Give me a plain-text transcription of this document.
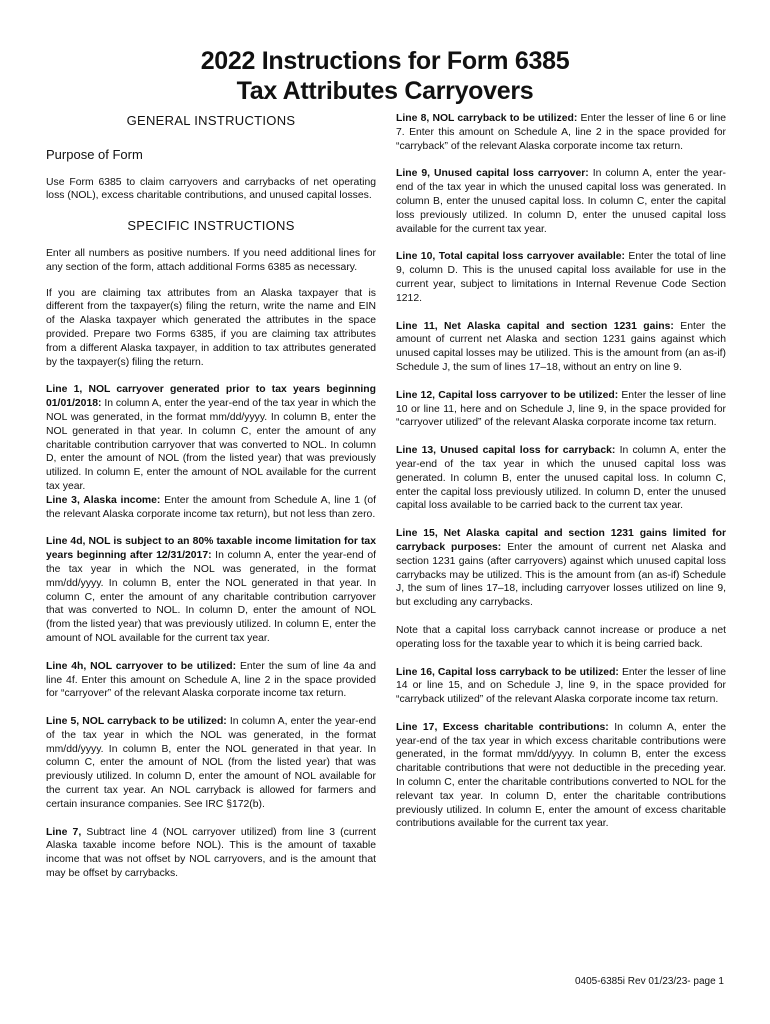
2022 Instructions for Form 6385
Tax Attributes Carryovers
GENERAL INSTRUCTIONS
Purpose of Form

Use Form 6385 to claim carryovers and carrybacks of net operating loss (NOL), excess charitable contributions, and unused capital losses.

SPECIFIC INSTRUCTIONS

Enter all numbers as positive numbers. If you need additional lines for any section of the form, attach additional Forms 6385 as necessary.

If you are claiming tax attributes from an Alaska taxpayer that is different from the taxpayer(s) filing the return, write the name and EIN of the Alaska taxpayer which generated the attributes in the space provided. Prepare two Forms 6385, if you are claiming tax attributes from a different Alaska taxpayer, in addition to tax attributes generated by the taxpayer(s) filing the return.

Line 1, NOL carryover generated prior to tax years beginning 01/01/2018: In column A, enter the year-end of the tax year in which the NOL was generated, in the format mm/dd/yyyy. In column B, enter the NOL generated in that year. In column C, enter the amount of any charitable contribution carryover that was converted to NOL. In column D, enter the amount of NOL (from the listed year) that was previously utilized. In column E, enter the amount of NOL available for the current tax year.

Line 3, Alaska income: Enter the amount from Schedule A, line 1 (of the relevant Alaska corporate income tax return), but not less than zero.

Line 4d, NOL is subject to an 80% taxable income limitation for tax years beginning after 12/31/2017: In column A, enter the year-end of the tax year in which the NOL was generated, in the format mm/dd/yyyy. In column B, enter the NOL generated in that year. In column C, enter the amount of any charitable contribution carryover that was converted to NOL. In column D, enter the amount of NOL (from the listed year) that was previously utilized. In column E, enter the amount of NOL available for the current tax year.

Line 4h, NOL carryover to be utilized: Enter the sum of line 4a and line 4f. Enter this amount on Schedule A, line 2 in the space provided for “carryover” of the relevant Alaska corporate income tax return.

Line 5, NOL carryback to be utilized: In column A, enter the year-end of the tax year in which the NOL was generated, in the format mm/dd/yyyy. In column B, enter the NOL generated in that year. In column C, enter the amount of NOL (from the listed year) that was previously utilized. In column D, enter the amount of NOL available for the current tax year. An NOL carryback is allowed for farmers and certain insurance companies. See IRC §172(b).

Line 7, Subtract line 4 (NOL carryover utilized) from line 3 (current Alaska taxable income before NOL). This is the amount of taxable income that was not offset by NOL carryovers, and is the amount that may be offset by carrybacks.

Line 8, NOL carryback to be utilized: Enter the lesser of line 6 or line 7. Enter this amount on Schedule A, line 2 in the space provided for “carryback” of the relevant Alaska corporate income tax return.

Line 9, Unused capital loss carryover: In column A, enter the year-end of the tax year in which the unused capital loss was generated. In column B, enter the unused capital loss. In column C, enter the capital loss previously utilized. In column D, enter the unused capital loss available for the current tax year.

Line 10, Total capital loss carryover available: Enter the total of line 9, column D. This is the unused capital loss available for use in the current year, subject to limitations in Internal Revenue Code Section 1212.

Line 11, Net Alaska capital and section 1231 gains: Enter the amount of current net Alaska and section 1231 gains against which unused capital losses may be utilized. This is the amount from (an as-if) Schedule J, the sum of lines 17–18, without an entry on line 9.

Line 12, Capital loss carryover to be utilized: Enter the lesser of line 10 or line 11, here and on Schedule J, line 9, in the space provided for “carryover utilized” of the relevant Alaska corporate income tax return.

Line 13, Unused capital loss for carryback: In column A, enter the year-end of the tax year in which the unused capital loss was generated. In column B, enter the unused capital loss. In column C, enter the capital loss previously utilized. In column D, enter the unused capital loss available to be carried back to the current tax year.

Line 15, Net Alaska capital and section 1231 gains limited for carryback purposes: Enter the amount of current net Alaska and section 1231 gains (after carryovers) against which unused capital loss carrybacks may be utilized. This is the amount from (an as-if) Schedule J, the sum of lines 17–18, including carryover losses utilized on line 9, but excluding any carrybacks.

Note that a capital loss carryback cannot increase or produce a net operating loss for the taxable year to which it is being carried back.

Line 16, Capital loss carryback to be utilized: Enter the lesser of line 14 or line 15, and on Schedule J, line 9, in the space provided for “carryback utilized” of the relevant Alaska corporate income tax return.

Line 17, Excess charitable contributions: In column A, enter the year-end of the tax year in which excess charitable contributions were generated, in the format mm/dd/yyyy. In column B, enter the excess charitable contributions that were not deductible in the preceding year. In column C, enter the charitable contributions converted to NOL for the relevant tax year. In column D, enter the charitable contributions previously utilized. In column E, enter the amount of excess charitable contributions available for the current tax year.

0405-6385i Rev 01/23/23- page 1
